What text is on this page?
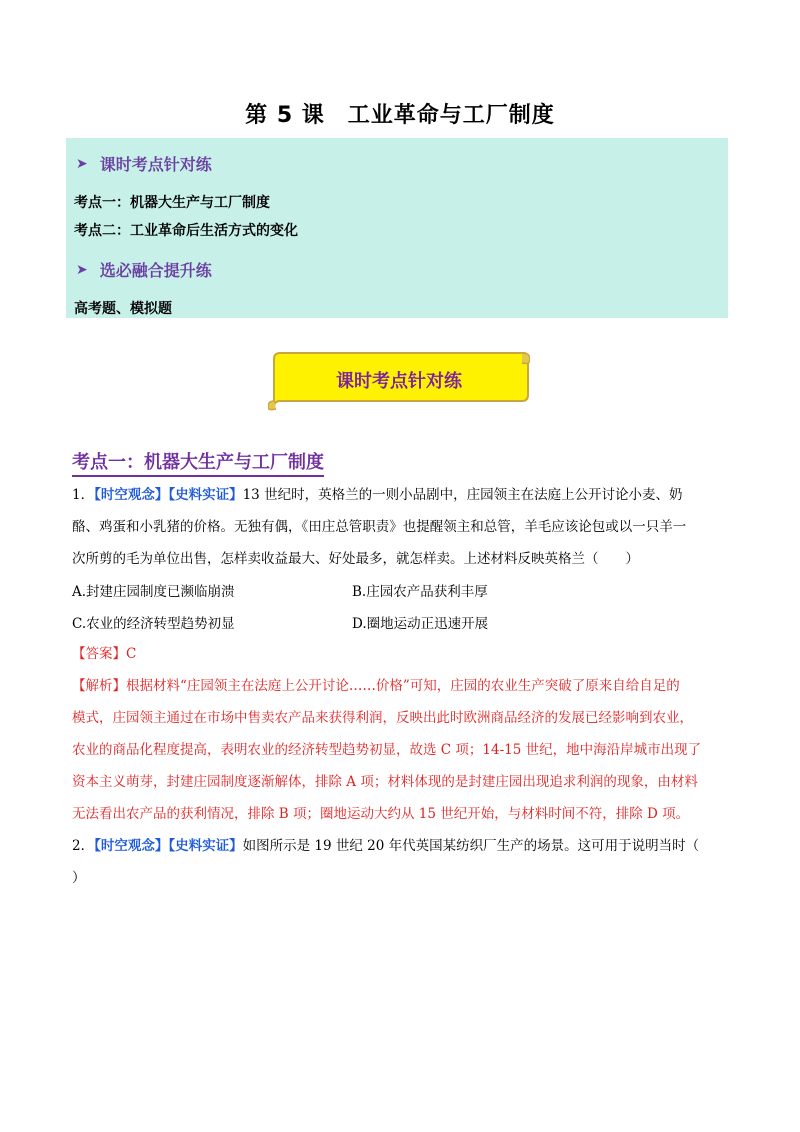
第 5 课　工业革命与工厂制度
➤ 课时考点针对练
考点一：机器大生产与工厂制度
考点二：工业革命后生活方式的变化
➤ 选必融合提升练
高考题、模拟题
课时考点针对练
考点一：机器大生产与工厂制度
1．【时空观念】【史料实证】13 世纪时，英格兰的一则小品剧中，庄园领主在法庭上公开讨论小麦、奶
酪、鸡蛋和小乳猪的价格。无独有偶，《田庄总管职责》也提醒领主和总管，羊毛应该论包或以一只羊一
次所剪的毛为单位出售，怎样卖收益最大、好处最多，就怎样卖。上述材料反映英格兰（　　）
A.封建庄园制度已濒临崩溃	B.庄园农产品获利丰厚
C.农业的经济转型趋势初显	D.圈地运动正迅速开展
【答案】C
【解析】根据材料“庄园领主在法庭上公开讨论……价格”可知，庄园的农业生产突破了原来自给自足的
模式，庄园领主通过在市场中售卖农产品来获得利润，反映出此时欧洲商品经济的发展已经影响到农业，
农业的商品化程度提高，表明农业的经济转型趋势初显，故选 C 项；14-15 世纪，地中海沿岸城市出现了
资本主义萌芽，封建庄园制度逐渐解体，排除 A 项；材料体现的是封建庄园出现追求利润的现象，由材料
无法看出农产品的获利情况，排除 B 项；圈地运动大约从 15 世纪开始，与材料时间不符，排除 D 项。
2．【时空观念】【史料实证】如图所示是 19 世纪 20 年代英国某纺织厂生产的场景。这可用于说明当时（
）
